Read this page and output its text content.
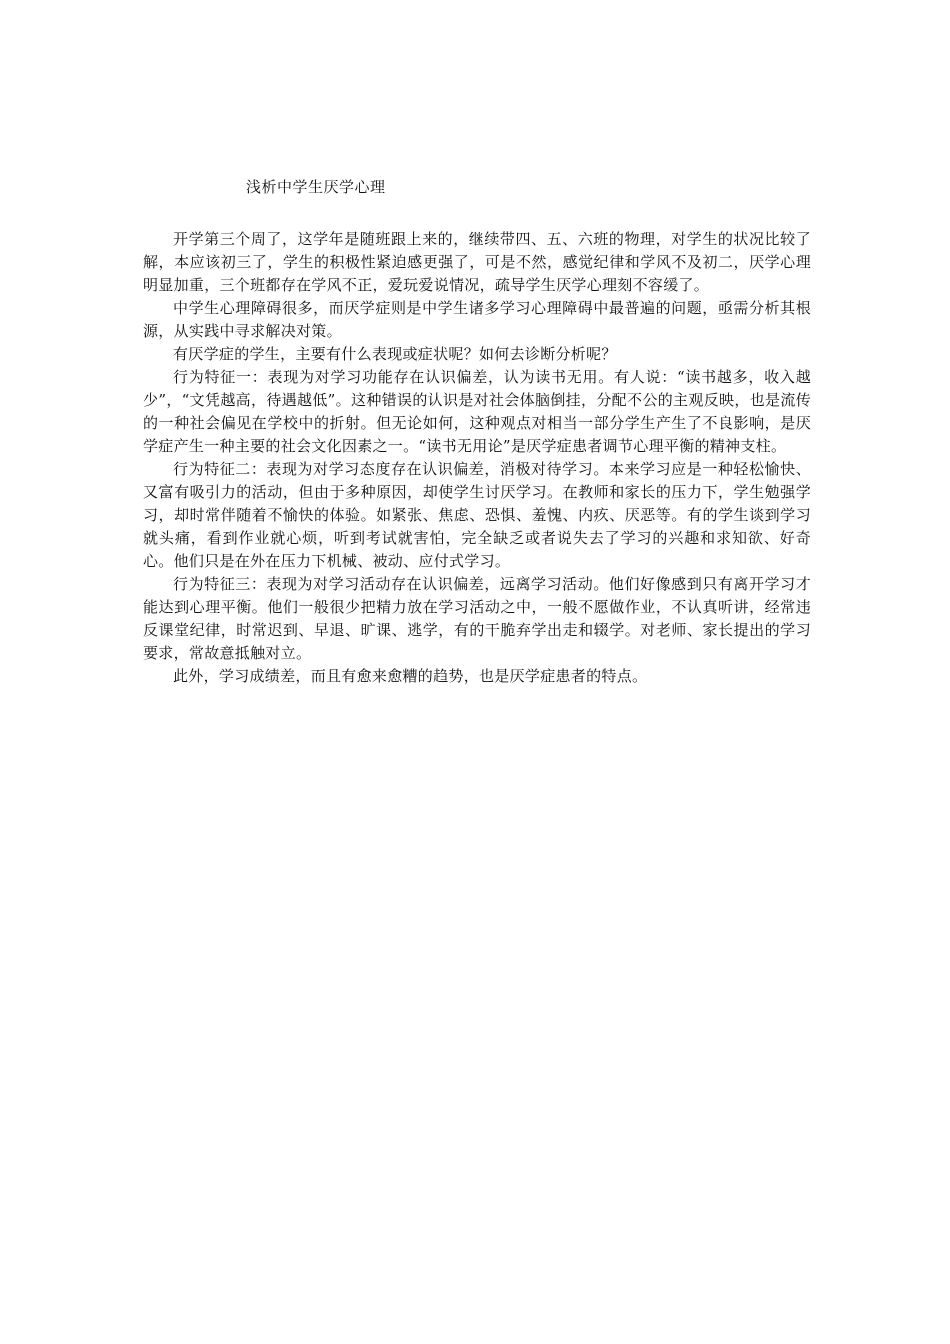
浅析中学生厌学心理

开学第三个周了，这学年是随班跟上来的，继续带四、五、六班的物理，对学生的状况比较了解，本应该初三了，学生的积极性紧迫感更强了，可是不然，感觉纪律和学风不及初二，厌学心理明显加重，三个班都存在学风不正，爱玩爱说情况，疏导学生厌学心理刻不容缓了。

中学生心理障碍很多，而厌学症则是中学生诸多学习心理障碍中最普遍的问题，亟需分析其根源，从实践中寻求解决对策。

有厌学症的学生，主要有什么表现或症状呢？如何去诊断分析呢？

行为特征一：表现为对学习功能存在认识偏差，认为读书无用。有人说：“读书越多，收入越少”，“文凭越高，待遇越低”。这种错误的认识是对社会体脑倒挂，分配不公的主观反映，也是流传的一种社会偏见在学校中的折射。但无论如何，这种观点对相当一部分学生产生了不良影响，是厌学症产生一种主要的社会文化因素之一。“读书无用论”是厌学症患者调节心理平衡的精神支柱。

行为特征二：表现为对学习态度存在认识偏差，消极对待学习。本来学习应是一种轻松愉快、又富有吸引力的活动，但由于多种原因，却使学生讨厌学习。在教师和家长的压力下，学生勉强学习，却时常伴随着不愉快的体验。如紧张、焦虑、恐惧、羞愧、内疚、厌恶等。有的学生谈到学习就头痛，看到作业就心烦，听到考试就害怕，完全缺乏或者说失去了学习的兴趣和求知欲、好奇心。他们只是在外在压力下机械、被动、应付式学习。

行为特征三：表现为对学习活动存在认识偏差，远离学习活动。他们好像感到只有离开学习才能达到心理平衡。他们一般很少把精力放在学习活动之中，一般不愿做作业，不认真听讲，经常违反课堂纪律，时常迟到、早退、旷课、逃学，有的干脆弃学出走和辍学。对老师、家长提出的学习要求，常故意抵触对立。

此外，学习成绩差，而且有愈来愈糟的趋势，也是厌学症患者的特点。
